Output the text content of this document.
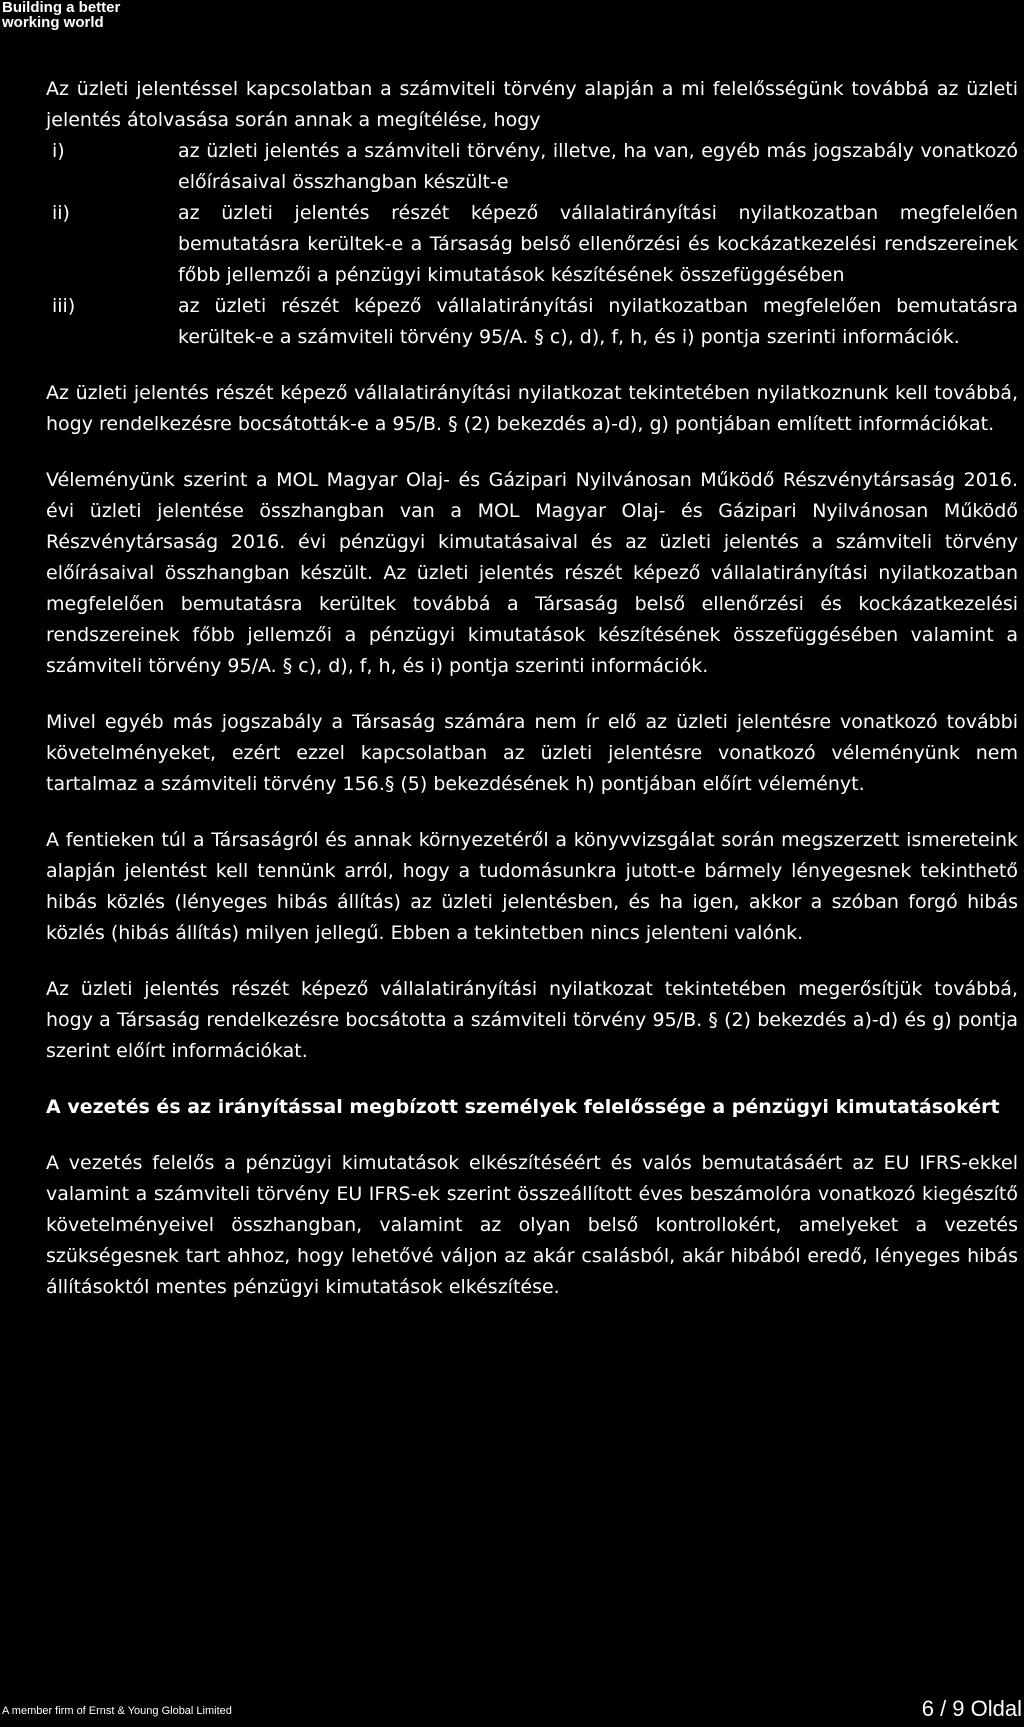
Building a better
working world

Az üzleti jelentéssel kapcsolatban a számviteli törvény alapján a mi felelősségünk továbbá az üzleti jelentés átolvasása során annak a megítélése, hogy

i)	az üzleti jelentés a számviteli törvény, illetve, ha van, egyéb más jogszabály vonatkozó előírásaival összhangban készült-e
ii)	az üzleti jelentés részét képező vállalatirányítási nyilatkozatban megfelelően bemutatásra kerültek-e a Társaság belső ellenőrzési és kockázatkezelési rendszereinek főbb jellemzői a pénzügyi kimutatások készítésének összefüggésében
iii)	az üzleti részét képező vállalatirányítási nyilatkozatban megfelelően bemutatásra kerültek-e a számviteli törvény 95/A. § c), d), f, h, és i) pontja szerinti információk.

Az üzleti jelentés részét képező vállalatirányítási nyilatkozat tekintetében nyilatkoznunk kell továbbá, hogy rendelkezésre bocsátották-e a 95/B. § (2) bekezdés a)-d), g) pontjában említett információkat.

Véleményünk szerint a MOL Magyar Olaj- és Gázipari Nyilvánosan Működő Részvénytársaság 2016. évi üzleti jelentése összhangban van a MOL Magyar Olaj- és Gázipari Nyilvánosan Működő Részvénytársaság 2016. évi pénzügyi kimutatásaival és az üzleti jelentés a számviteli törvény előírásaival összhangban készült. Az üzleti jelentés részét képező vállalatirányítási nyilatkozatban megfelelően bemutatásra kerültek továbbá a Társaság belső ellenőrzési és kockázatkezelési rendszereinek főbb jellemzői a pénzügyi kimutatások készítésének összefüggésében valamint a számviteli törvény 95/A. § c), d), f, h, és i) pontja szerinti információk.

Mivel egyéb más jogszabály a Társaság számára nem ír elő az üzleti jelentésre vonatkozó további követelményeket, ezért ezzel kapcsolatban az üzleti jelentésre vonatkozó véleményünk nem tartalmaz a számviteli törvény 156.§ (5) bekezdésének h) pontjában előírt véleményt.

A fentieken túl a Társaságról és annak környezetéről a könyvvizsgálat során megszerzett ismereteink alapján jelentést kell tennünk arról, hogy a tudomásunkra jutott-e bármely lényegesnek tekinthető hibás közlés (lényeges hibás állítás) az üzleti jelentésben, és ha igen, akkor a szóban forgó hibás közlés (hibás állítás) milyen jellegű. Ebben a tekintetben nincs jelenteni valónk.

Az üzleti jelentés részét képező vállalatirányítási nyilatkozat tekintetében megerősítjük továbbá, hogy a Társaság rendelkezésre bocsátotta a számviteli törvény 95/B. § (2) bekezdés a)-d) és g) pontja szerint előírt információkat.

A vezetés és az irányítással megbízott személyek felelőssége a pénzügyi kimutatásokért

A vezetés felelős a pénzügyi kimutatások elkészítéséért és valós bemutatásáért az EU IFRS-ekkel valamint a számviteli törvény EU IFRS-ek szerint összeállított éves beszámolóra vonatkozó kiegészítő követelményeivel összhangban, valamint az olyan belső kontrollokért, amelyeket a vezetés szükségesnek tart ahhoz, hogy lehetővé váljon az akár csalásból, akár hibából eredő, lényeges hibás állításoktól mentes pénzügyi kimutatások elkészítése.

A member firm of Ernst & Young Global Limited	6 / 9 Oldal
